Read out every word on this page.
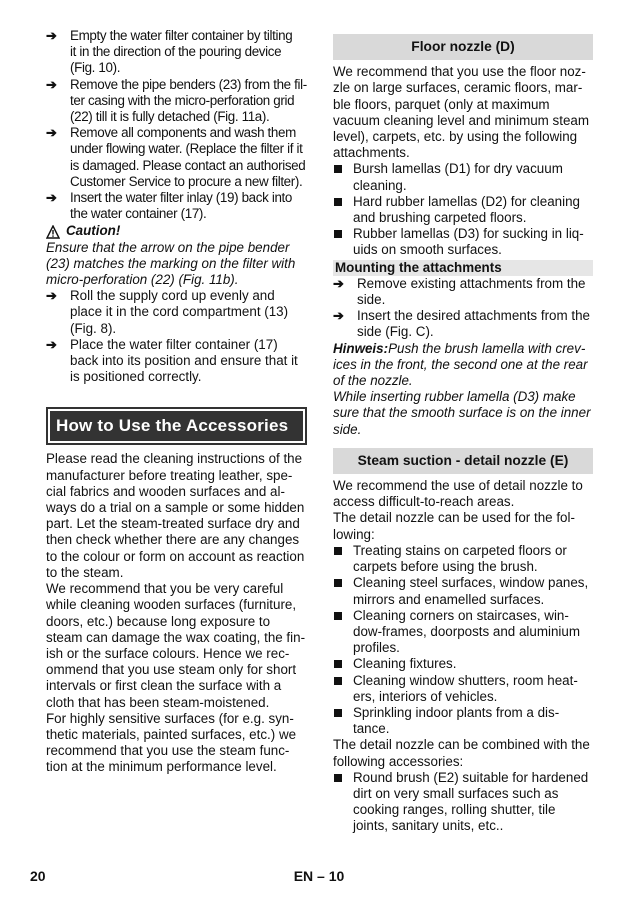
➔ Empty the water filter container by tilting
it in the direction of the pouring device
(Fig. 10).
➔ Remove the pipe benders (23) from the fil-
ter casing with the micro-perforation grid
(22) till it is fully detached (Fig. 11a).
➔ Remove all components and wash them
under flowing water. (Replace the filter if it
is damaged. Please contact an authorised
Customer Service to procure a new filter).
➔ Insert the water filter inlay (19) back into
the water container (17).
Caution!
Ensure that the arrow on the pipe bender
(23) matches the marking on the filter with
micro-perforation (22) (Fig. 11b).
➔ Roll the supply cord up evenly and
place it in the cord compartment (13)
(Fig. 8).
➔ Place the water filter container (17)
back into its position and ensure that it
is positioned correctly.
How to Use the Accessories
Please read the cleaning instructions of the
manufacturer before treating leather, spe-
cial fabrics and wooden surfaces and al-
ways do a trial on a sample or some hidden
part. Let the steam-treated surface dry and
then check whether there are any changes
to the colour or form on account as reaction
to the steam.
We recommend that you be very careful
while cleaning wooden surfaces (furniture,
doors, etc.) because long exposure to
steam can damage the wax coating, the fin-
ish or the surface colours. Hence we rec-
ommend that you use steam only for short
intervals or first clean the surface with a
cloth that has been steam-moistened.
For highly sensitive surfaces (for e.g. syn-
thetic materials, painted surfaces, etc.) we
recommend that you use the steam func-
tion at the minimum performance level.
Floor nozzle (D)
We recommend that you use the floor noz-
zle on large surfaces, ceramic floors, mar-
ble floors, parquet (only at maximum
vacuum cleaning level and minimum steam
level), carpets, etc. by using the following
attachments.
Bursh lamellas (D1) for dry vacuum
cleaning.
Hard rubber lamellas (D2) for cleaning
and brushing carpeted floors.
Rubber lamellas (D3) for sucking in liq-
uids on smooth surfaces.
Mounting the attachments
➔ Remove existing attachments from the
side.
➔ Insert the desired attachments from the
side (Fig. C).
Hinweis:Push the brush lamella with crev-
ices in the front, the second one at the rear
of the nozzle.
While inserting rubber lamella (D3) make
sure that the smooth surface is on the inner
side.
Steam suction - detail nozzle (E)
We recommend the use of detail nozzle to
access difficult-to-reach areas.
The detail nozzle can be used for the fol-
lowing:
Treating stains on carpeted floors or
carpets before using the brush.
Cleaning steel surfaces, window panes,
mirrors and enamelled surfaces.
Cleaning corners on staircases, win-
dow-frames, doorposts and aluminium
profiles.
Cleaning fixtures.
Cleaning window shutters, room heat-
ers, interiors of vehicles.
Sprinkling indoor plants from a dis-
tance.
The detail nozzle can be combined with the
following accessories:
Round brush (E2) suitable for hardened
dirt on very small surfaces such as
cooking ranges, rolling shutter, tile
joints, sanitary units, etc..
20	EN – 10
